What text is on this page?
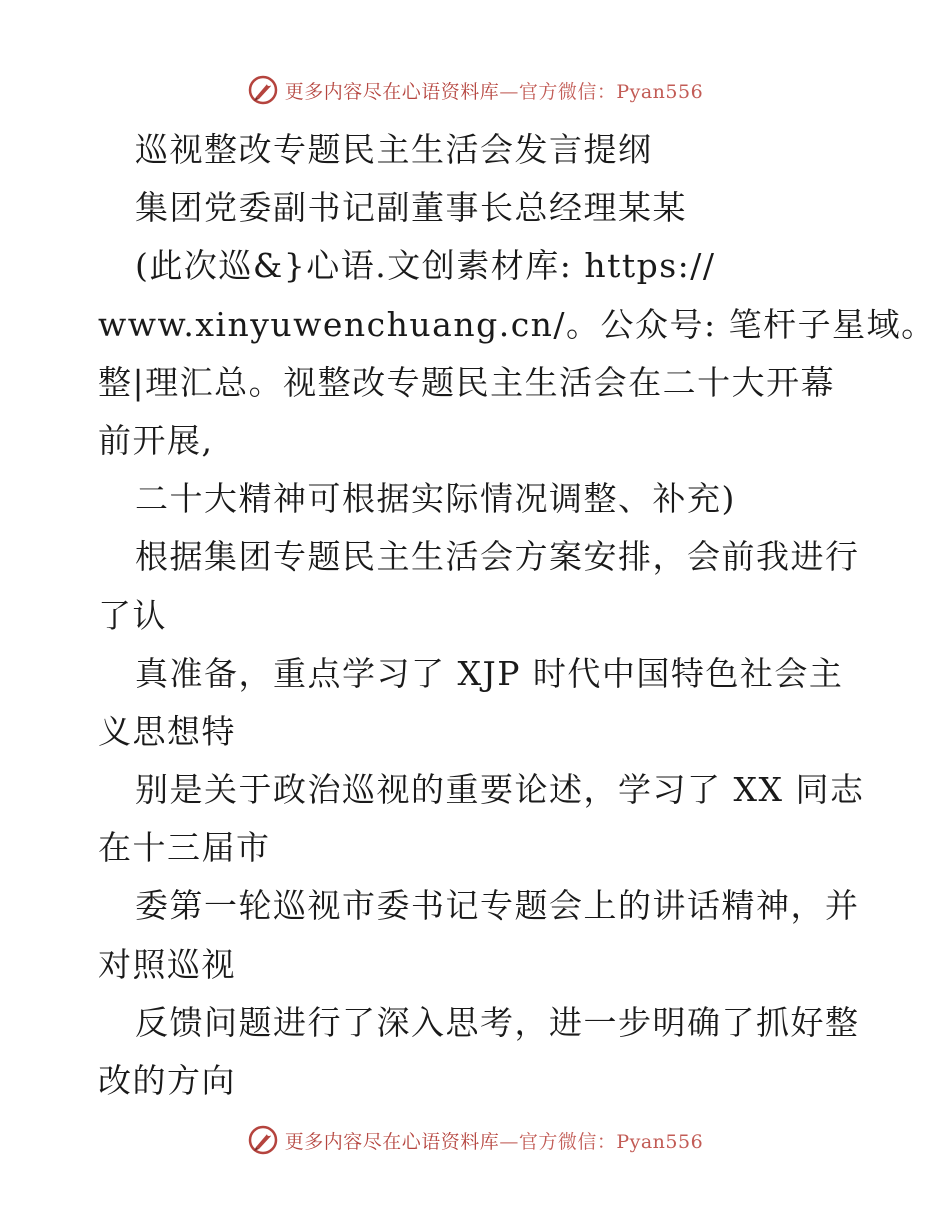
更多内容尽在心语资料库—官方微信：Pyan556
巡视整改专题民主生活会发言提纲
集团党委副书记副董事长总经理某某
(此次巡&}心语.文创素材库: https://
www.xinyuwenchuang.cn/。公众号: 笔杆子星域。
整|理汇总。视整改专题民主生活会在二十大开幕
前开展,
二十大精神可根据实际情况调整、补充)
根据集团专题民主生活会方案安排，会前我进行
了认
真准备，重点学习了 XJP 时代中国特色社会主
义思想特
别是关于政治巡视的重要论述，学习了 XX 同志
在十三届市
委第一轮巡视市委书记专题会上的讲话精神，并
对照巡视
反馈问题进行了深入思考，进一步明确了抓好整
改的方向
更多内容尽在心语资料库—官方微信：Pyan556
